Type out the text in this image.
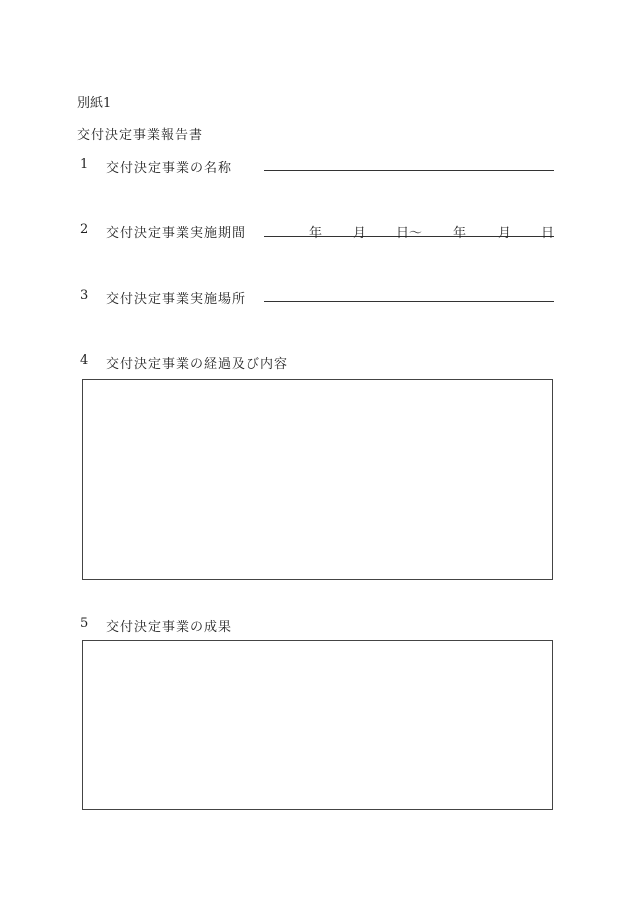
別紙1
交付決定事業報告書
1 交付決定事業の名称
2 交付決定事業実施期間	年 月 日〜 年 月 日
3 交付決定事業実施場所
4 交付決定事業の経過及び内容
5 交付決定事業の成果
